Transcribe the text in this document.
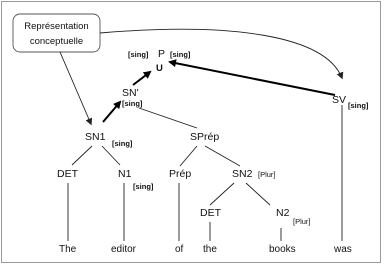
Représentation
conceptuelle
[sing] P [sing]
U
SN'
[sing]	SV [sing]
SN1
[sing]
SPrép
DET	N1
[sing]
Prép	SN2 [Plur]
DET	N2
[Plur]
The	editor	of the	books	was
